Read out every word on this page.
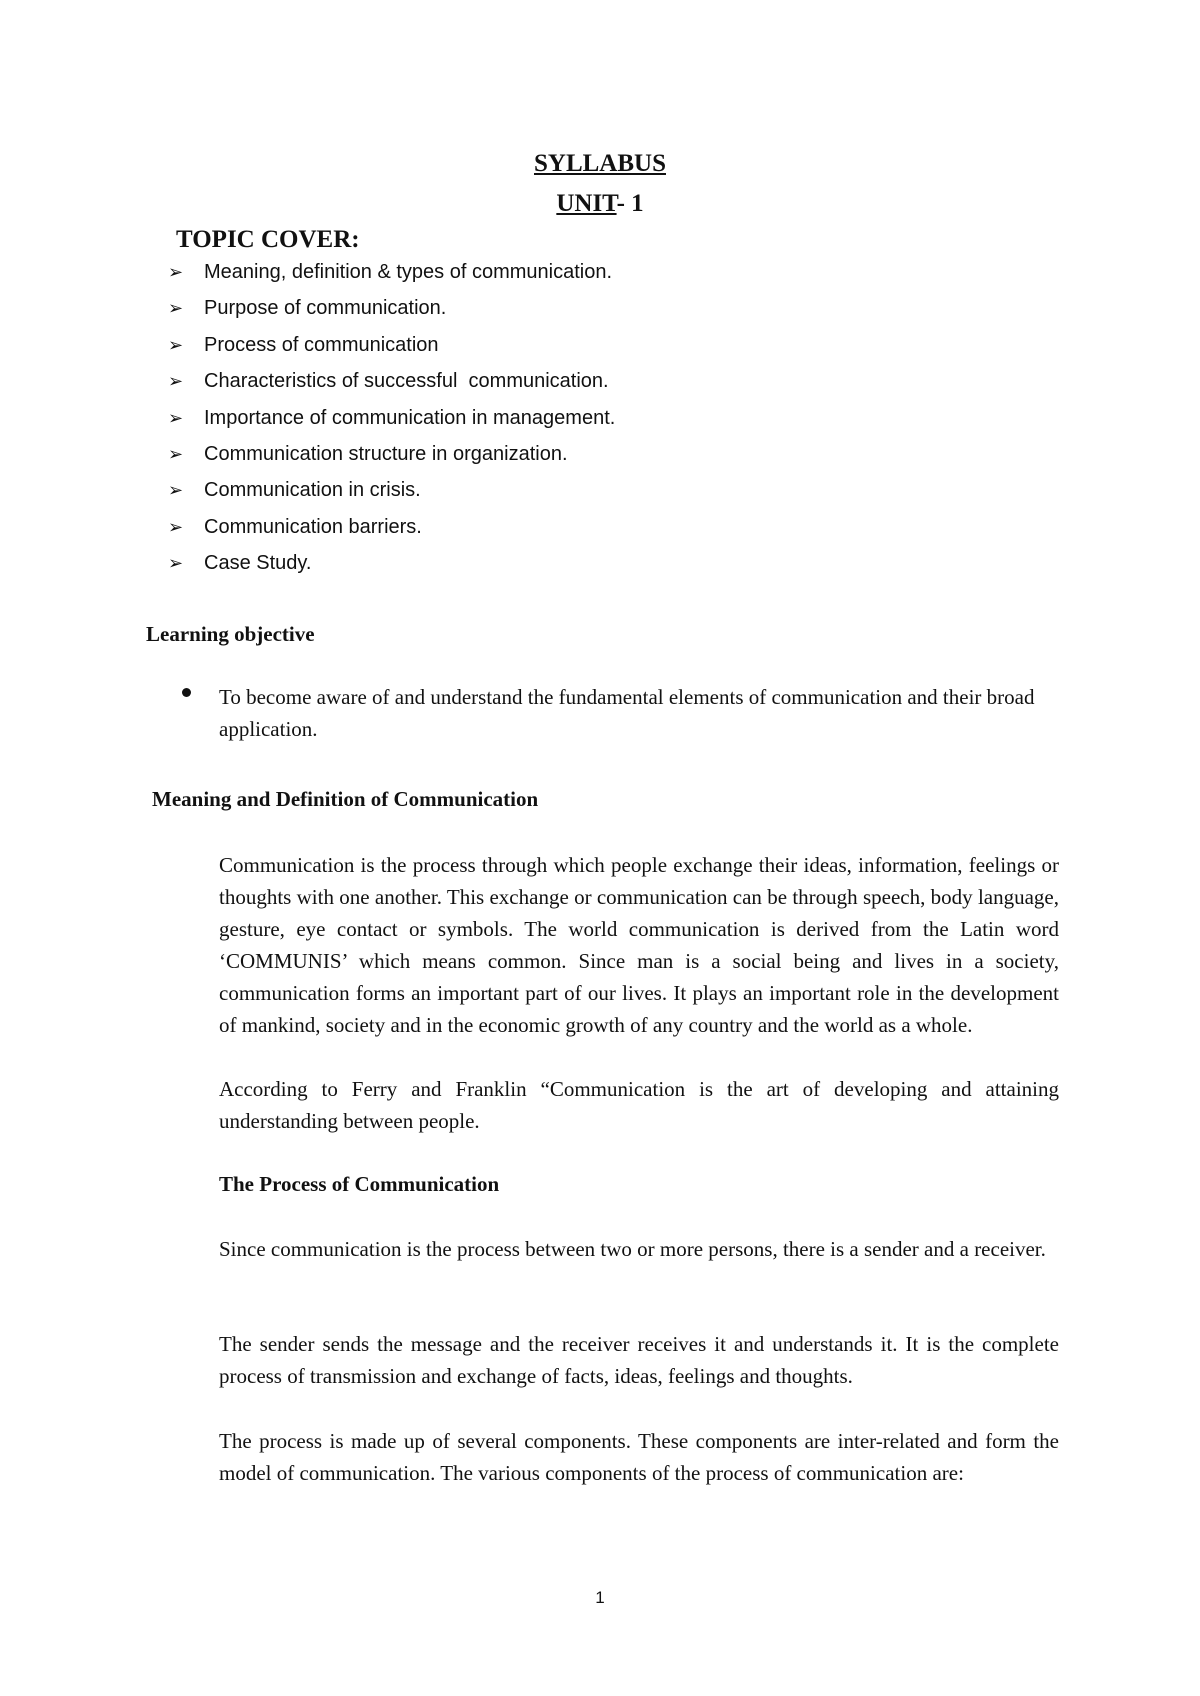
SYLLABUS
UNIT- 1
TOPIC COVER:
➢	Meaning, definition & types of communication.
➢	Purpose of communication.
➢	Process of communication
➢	Characteristics of successful  communication.
➢	Importance of communication in management.
➢	Communication structure in organization.
➢	Communication in crisis.
➢	Communication barriers.
➢	Case Study.
Learning objective
To become aware of and understand the fundamental elements of communication and their broad application.
Meaning and Definition of Communication

Communication is the process through which people exchange their ideas, information, feelings or thoughts with one another. This exchange or communication can be through speech, body language, gesture, eye contact or symbols. The world communication is derived from the Latin word ‘COMMUNIS’ which means common. Since man is a social being and lives in a society, communication forms an important part of our lives. It plays an important role in the development of mankind, society and in the economic growth of any country and the world as a whole.

According to Ferry and Franklin “Communication is the art of developing and attaining understanding between people.

The Process of Communication

Since communication is the process between two or more persons, there is a sender and a receiver.

The sender sends the message and the receiver receives it and understands it. It is the complete process of transmission and exchange of facts, ideas, feelings and thoughts.

The process is made up of several components. These components are inter-related and form the model of communication. The various components of the process of communication are:

1
